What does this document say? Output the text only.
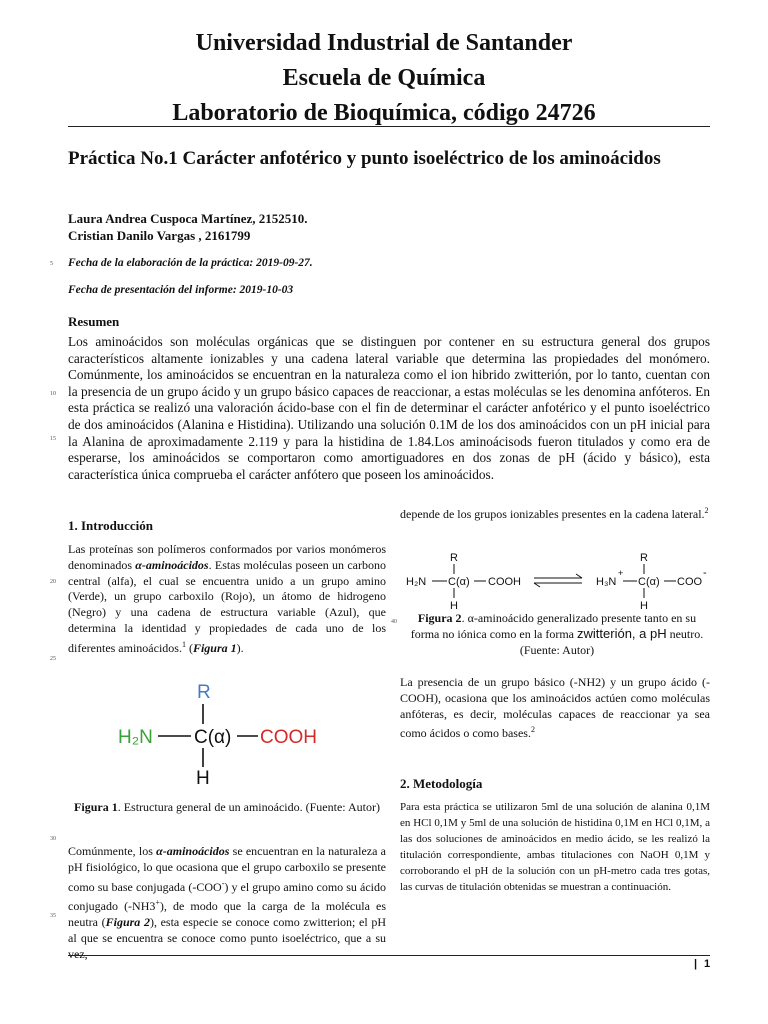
Universidad Industrial de Santander
Escuela de Química
Laboratorio de Bioquímica, código 24726
Práctica No.1 Carácter anfotérico y punto isoeléctrico de los aminoácidos
Laura Andrea Cuspoca Martínez, 2152510.
Cristian Danilo Vargas , 2161799
Fecha de la elaboración de la práctica: 2019-09-27.
Fecha de presentación del informe: 2019-10-03
5
10
15
20
25
30
35
40
Resumen
Los aminoácidos son moléculas orgánicas que se distinguen por contener en su estructura general dos grupos característicos altamente ionizables y una cadena lateral variable que determina las propiedades del monómero. Comúnmente, los aminoácidos se encuentran en la naturaleza como el ion hibrido zwitterión, por lo tanto, cuentan con la presencia de un grupo ácido y un grupo básico capaces de reaccionar, a estas moléculas se les denomina anfóteros. En esta práctica se realizó una valoración ácido-base con el fin de determinar el carácter anfotérico y el punto isoeléctrico de dos aminoácidos (Alanina e Histidina). Utilizando una solución 0.1M de los dos aminoácidos con un pH inicial para la Alanina de aproximadamente 2.119 y para la histidina de 1.84.Los aminoácisods fueron titulados y como era de esperarse, los aminoácidos se comportaron como amortiguadores en dos zonas de pH (ácido y básico), esta característica única comprueba el carácter anfótero que poseen los aminoácidos.
1. Introducción
Las proteínas son polímeros conformados por varios monómeros denominados α-aminoácidos. Estas moléculas poseen un carbono central (alfa), el cual se encuentra unido a un grupo amino (Verde), un grupo carboxilo (Rojo), un átomo de hidrogeno (Negro) y una cadena de estructura variable (Azul), que determina la identidad y propiedades de cada uno de los diferentes aminoácidos.$^1$ (Figura 1).
R
H₂N C(α) COOH
H
Figura 1. Estructura general de un aminoácido. (Fuente: Autor)
Comúnmente, los α-aminoácidos se encuentran en la naturaleza a pH fisiológico, lo que ocasiona que el grupo carboxilo se presente como su base conjugada (-COO-) y el grupo amino como su ácido conjugado (-NH3+), de modo que la carga de la molécula es neutra (Figura 2), esta especie se conoce como zwitterion; el pH al que se encuentra se conoce como punto isoeléctrico, que a su vez,
depende de los grupos ionizables presentes en la cadena lateral.$^2$
R
H₂N C(α) COOH
H
R
+
H₃N C(α) COO
-
H
Figura 2. α-aminoácido generalizado presente tanto en su forma no iónica como en la forma zwitterión, a pH neutro. (Fuente: Autor)
La presencia de un grupo básico (-NH2) y un grupo ácido (-COOH), ocasiona que los aminoácidos actúen como moléculas anfóteras, es decir, moléculas capaces de reaccionar ya sea como ácidos o como bases.$^2$
2. Metodología
Para esta práctica se utilizaron 5ml de una solución de alanina 0,1M en HCl 0,1M y 5ml de una solución de histidina 0,1M en HCl 0,1M, a las dos soluciones de aminoácidos en medio ácido, se les realizó la titulación correspondiente, ambas titulaciones con NaOH 0,1M y corroborando el pH de la solución con un pH-metro cada tres gotas, las curvas de titulación obtenidas se muestran a continuación.
| 1
